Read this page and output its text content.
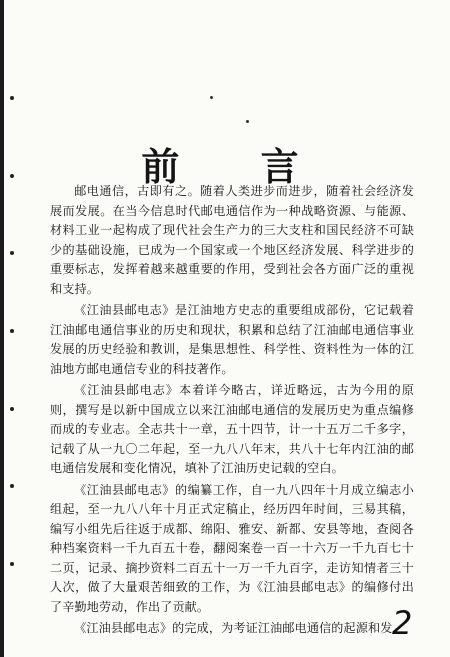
前 言

邮电通信，古即有之。随着人类进步而进步，随着社会经济发展而发展。在当今信息时代邮电通信作为一种战略资源、与能源、材料工业一起构成了现代社会生产力的三大支柱和国民经济不可缺少的基础设施，已成为一个国家或一个地区经济发展、科学进步的重要标志，发挥着越来越重要的作用，受到社会各方面广泛的重视和支持。

《江油县邮电志》是江油地方史志的重要组成部份，它记载着江油邮电通信事业的历史和现状，积累和总结了江油邮电通信事业发展的历史经验和教训，是集思想性、科学性、资料性为一体的江油地方邮电通信专业的科技著作。

《江油县邮电志》本着详今略古，详近略远，古为今用的原则，撰写是以新中国成立以来江油邮电通信的发展历史为重点编修而成的专业志。全志共十一章，五十四节，计一十五万二千多字，记载了从一九〇二年起，至一九八八年末，共八十七年内江油的邮电通信发展和变化情况，填补了江油历史记载的空白。

《江油县邮电志》的编纂工作，自一九八四年十月成立编志小组起，至一九八八年十月正式定稿止，经历四年时间，三易其稿，编写小组先后往返于成都、绵阳、雅安、新都、安县等地，查阅各种档案资料一千九百五十卷，翻阅案卷一百一十六万一千九百七十二页，记录、摘抄资料二百五十一万一千九百字，走访知情者三十人次，做了大量艰苦细致的工作，为《江油县邮电志》的编修付出了辛勤地劳动，作出了贡献。

《江油县邮电志》的完成，为考证江油邮电通信的起源和发 2
